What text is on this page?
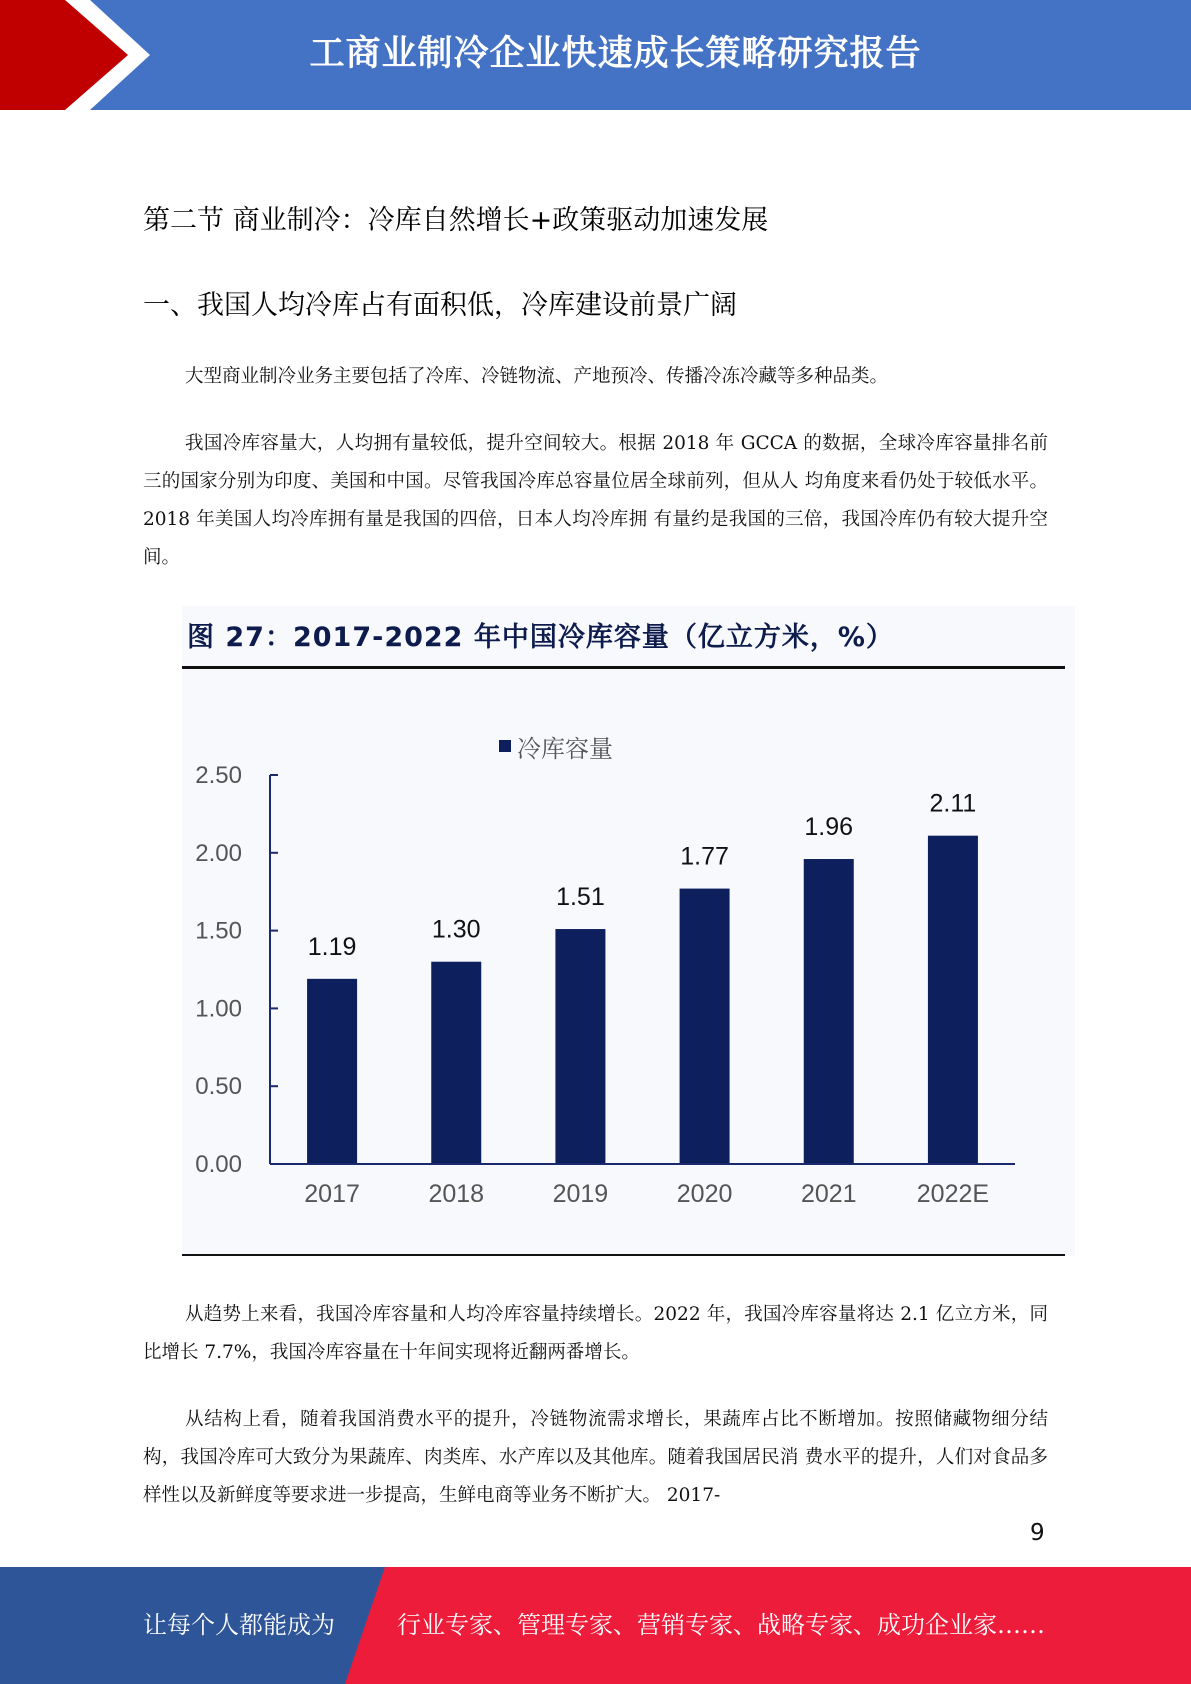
工商业制冷企业快速成长策略研究报告
第二节 商业制冷：冷库自然增长+政策驱动加速发展
一、我国人均冷库占有面积低，冷库建设前景广阔

大型商业制冷业务主要包括了冷库、冷链物流、产地预冷、传播冷冻冷藏等多种品类。

我国冷库容量大，人均拥有量较低，提升空间较大。根据 2018 年 GCCA 的数据，全球冷库容量排名前三的国家分别为印度、美国和中国。尽管我国冷库总容量位居全球前列，但从人 均角度来看仍处于较低水平。2018 年美国人均冷库拥有量是我国的四倍，日本人均冷库拥 有量约是我国的三倍，我国冷库仍有较大提升空间。

图 27：2017-2022 年中国冷库容量（亿立方米，%）
冷库容量
0.00
0.50
1.00
1.50
2.00
2.50
1.19
2017
1.30
2018
1.51
2019
1.77
2020
1.96
2021
2.11
2022E

从趋势上来看，我国冷库容量和人均冷库容量持续增长。2022 年，我国冷库容量将达 2.1 亿立方米，同比增长 7.7%，我国冷库容量在十年间实现将近翻两番增长。

从结构上看，随着我国消费水平的提升，冷链物流需求增长，果蔬库占比不断增加。按照储藏物细分结构，我国冷库可大致分为果蔬库、肉类库、水产库以及其他库。随着我国居民消 费水平的提升，人们对食品多样性以及新鲜度等要求进一步提高，生鲜电商等业务不断扩大。 2017-

9
让每个人都能成为	行业专家、管理专家、营销专家、战略专家、成功企业家……
